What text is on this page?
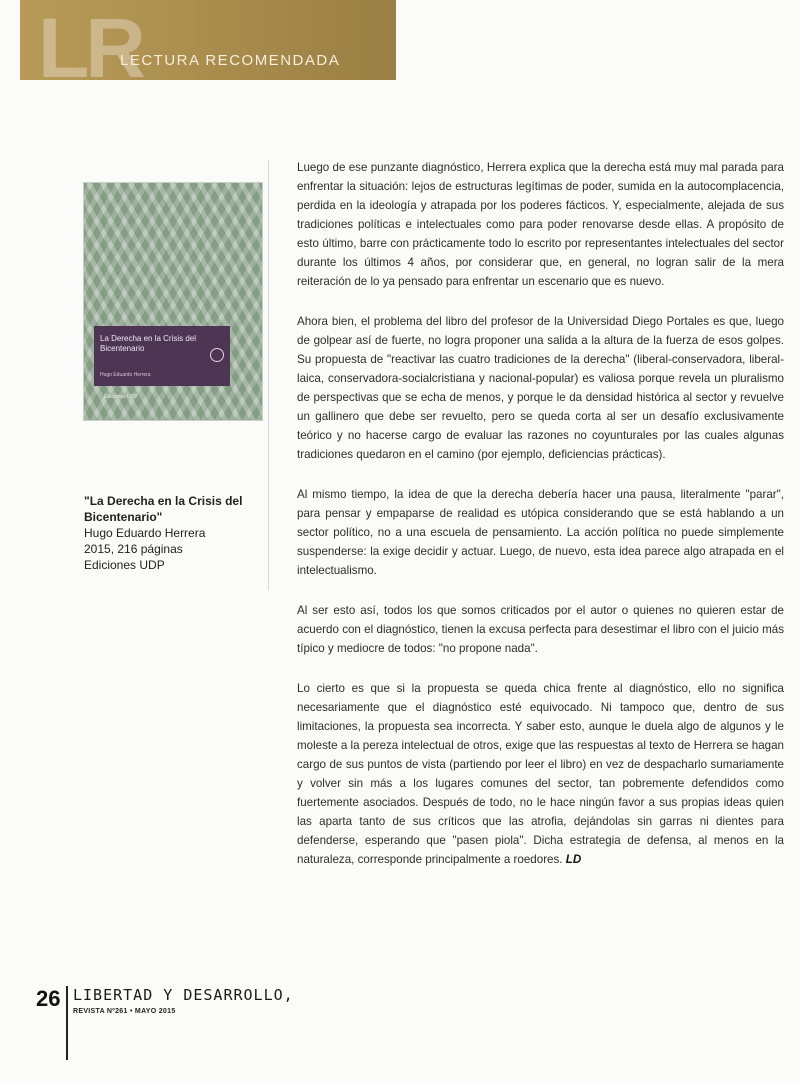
LR
LECTURA RECOMENDADA
La Derecha en la Crisis del Bicentenario
Hugo Eduardo Herrera
Ediciones UDP
"La Derecha en la Crisis del Bicentenario"
Hugo Eduardo Herrera
2015, 216 páginas
Ediciones UDP

Luego de ese punzante diagnóstico, Herrera explica que la derecha está muy mal parada para enfrentar la situación: lejos de estructuras legítimas de poder, sumida en la autocomplacencia, perdida en la ideología y atrapada por los poderes fácticos. Y, especialmente, alejada de sus tradiciones políticas e intelectuales como para poder renovarse desde ellas. A propósito de esto último, barre con prácticamente todo lo escrito por representantes intelectuales del sector durante los últimos 4 años, por considerar que, en general, no logran salir de la mera reiteración de lo ya pensado para enfrentar un escenario que es nuevo.

Ahora bien, el problema del libro del profesor de la Universidad Diego Portales es que, luego de golpear así de fuerte, no logra proponer una salida a la altura de la fuerza de esos golpes. Su propuesta de "reactivar las cuatro tradiciones de la derecha" (liberal-conservadora, liberal-laica, conservadora-socialcristiana y nacional-popular) es valiosa porque revela un pluralismo de perspectivas que se echa de menos, y porque le da densidad histórica al sector y revuelve un gallinero que debe ser revuelto, pero se queda corta al ser un desafío exclusivamente teórico y no hacerse cargo de evaluar las razones no coyunturales por las cuales algunas tradiciones quedaron en el camino (por ejemplo, deficiencias prácticas).

Al mismo tiempo, la idea de que la derecha debería hacer una pausa, literalmente "parar", para pensar y empaparse de realidad es utópica considerando que se está hablando a un sector político, no a una escuela de pensamiento. La acción política no puede simplemente suspenderse: la exige decidir y actuar. Luego, de nuevo, esta idea parece algo atrapada en el intelectualismo.

Al ser esto así, todos los que somos criticados por el autor o quienes no quieren estar de acuerdo con el diagnóstico, tienen la excusa perfecta para desestimar el libro con el juicio más típico y mediocre de todos: "no propone nada".

Lo cierto es que si la propuesta se queda chica frente al diagnóstico, ello no significa necesariamente que el diagnóstico esté equivocado. Ni tampoco que, dentro de sus limitaciones, la propuesta sea incorrecta. Y saber esto, aunque le duela algo de algunos y le moleste a la pereza intelectual de otros, exige que las respuestas al texto de Herrera se hagan cargo de sus puntos de vista (partiendo por leer el libro) en vez de despacharlo sumariamente y volver sin más a los lugares comunes del sector, tan pobremente defendidos como fuertemente asociados. Después de todo, no le hace ningún favor a sus propias ideas quien las aparta tanto de sus críticos que las atrofia, dejándolas sin garras ni dientes para defenderse, esperando que "pasen piola". Dicha estrategia de defensa, al menos en la naturaleza, corresponde principalmente a roedores. LD

26 LIBERTAD Y DESARROLLO,
REVISTA Nº261 • MAYO 2015
